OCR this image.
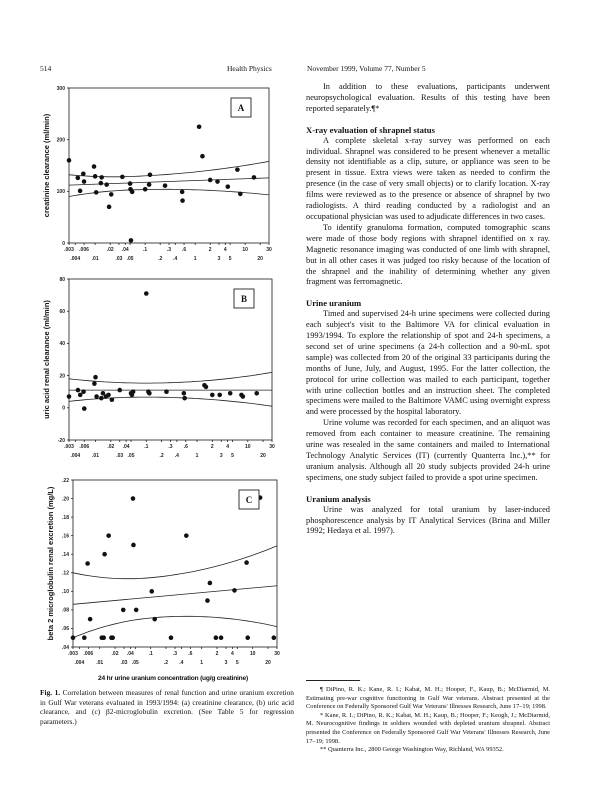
514	Health Physics	November 1999, Volume 77, Number 5
0
100
200
300
.003 .006	.02 .04	.1	.3 .6	2 4	10	30
.004 .01	.03 .05	.2 .4	1	3 5	20
creatinine clearance (ml/min)
A
-20
0
20
40
60
80
.003 .006	.02 .04	.1	.3 .6	2 4	10	30
.004 .01	.03 .05	.2 .4	1	3 5	20
uric acid renal clearance (ml/min)
B
.04
.06
.08
.10
.12
.14
.16
.18
.20
.22
.003 .006	.02 .04	.1	.3 .6	2	4	10	30
.004 .01	.03 .05	.2 .4	1	3 5	20
beta 2 microglobulin renal excretion (mg/L)	C
24 hr urine uranium concentration (ug/g creatinine)
Fig. 1. Correlation between measures of renal function and urine uranium excretion in Gulf War veterans evaluated in 1993/1994: (a) creatinine clearance, (b) uric acid clearance, and (c) β2-microglobulin excretion. (See Table 5 for regression parameters.)

In addition to these evaluations, participants underwent neuropsychological evaluation. Results of this testing have been reported separately.¶*

X-ray evaluation of shrapnel status

A complete skeletal x-ray survey was performed on each individual. Shrapnel was considered to be present whenever a metallic density not identifiable as a clip, suture, or appliance was seen to be present in tissue. Extra views were taken as needed to confirm the presence (in the case of very small objects) or to clarify location. X-ray films were reviewed as to the presence or absence of shrapnel by two radiologists. A third reading conducted by a radiologist and an occupational physician was used to adjudicate differences in two cases.

To identify granuloma formation, computed tomographic scans were made of those body regions with shrapnel identified on x ray. Magnetic resonance imaging was conducted of one limb with shrapnel, but in all other cases it was judged too risky because of the location of the shrapnel and the inability of determining whether any given fragment was ferromagnetic.

Urine uranium

Timed and supervised 24-h urine specimens were collected during each subject's visit to the Baltimore VA for clinical evaluation in 1993/1994. To explore the relationship of spot and 24-h specimens, a second set of urine specimens (a 24-h collection and a 90-mL spot sample) was collected from 20 of the original 33 participants during the months of June, July, and August, 1995. For the latter collection, the protocol for urine collection was mailed to each participant, together with urine collection bottles and an instruction sheet. The completed specimens were mailed to the Baltimore VAMC using overnight express and were processed by the hospital laboratory.

Urine volume was recorded for each specimen, and an aliquot was removed from each container to measure creatinine. The remaining urine was resealed in the same containers and mailed to International Technology Analytic Services (IT) (currently Quanterra Inc.),** for uranium analysis. Although all 20 study subjects provided 24-h urine specimens, one study subject failed to provide a spot urine specimen.

Uranium analysis

Urine was analyzed for total uranium by laser-induced phosphorescence analysis by IT Analytical Services (Brina and Miller 1992; Hedaya et al. 1997).

¶ DiPino, R. K.; Kane, R. I.; Kabat, M. H.; Hooper, F., Kaup, B.; McDiarmid, M. Estimating pre-war cognitive functioning in Gulf War veterans. Abstract presented at the Conference on Federally Sponsored Gulf War Veterans' Illnesses Research, June 17–19; 1998.

* Kane, R. I.; DiPino, R. K.; Kabat, M. H.; Kaup, B.; Hooper, F.; Keogh, J.; McDiarmid, M. Neurocognitive findings in soldiers wounded with depleted uranium shrapnel. Abstract presented the Conference on Federally Sponsored Gulf War Veterans' Illnesses Research, June 17–19; 1998.

** Quanterra Inc., 2800 George Washington Way, Richland, WA 99352.
